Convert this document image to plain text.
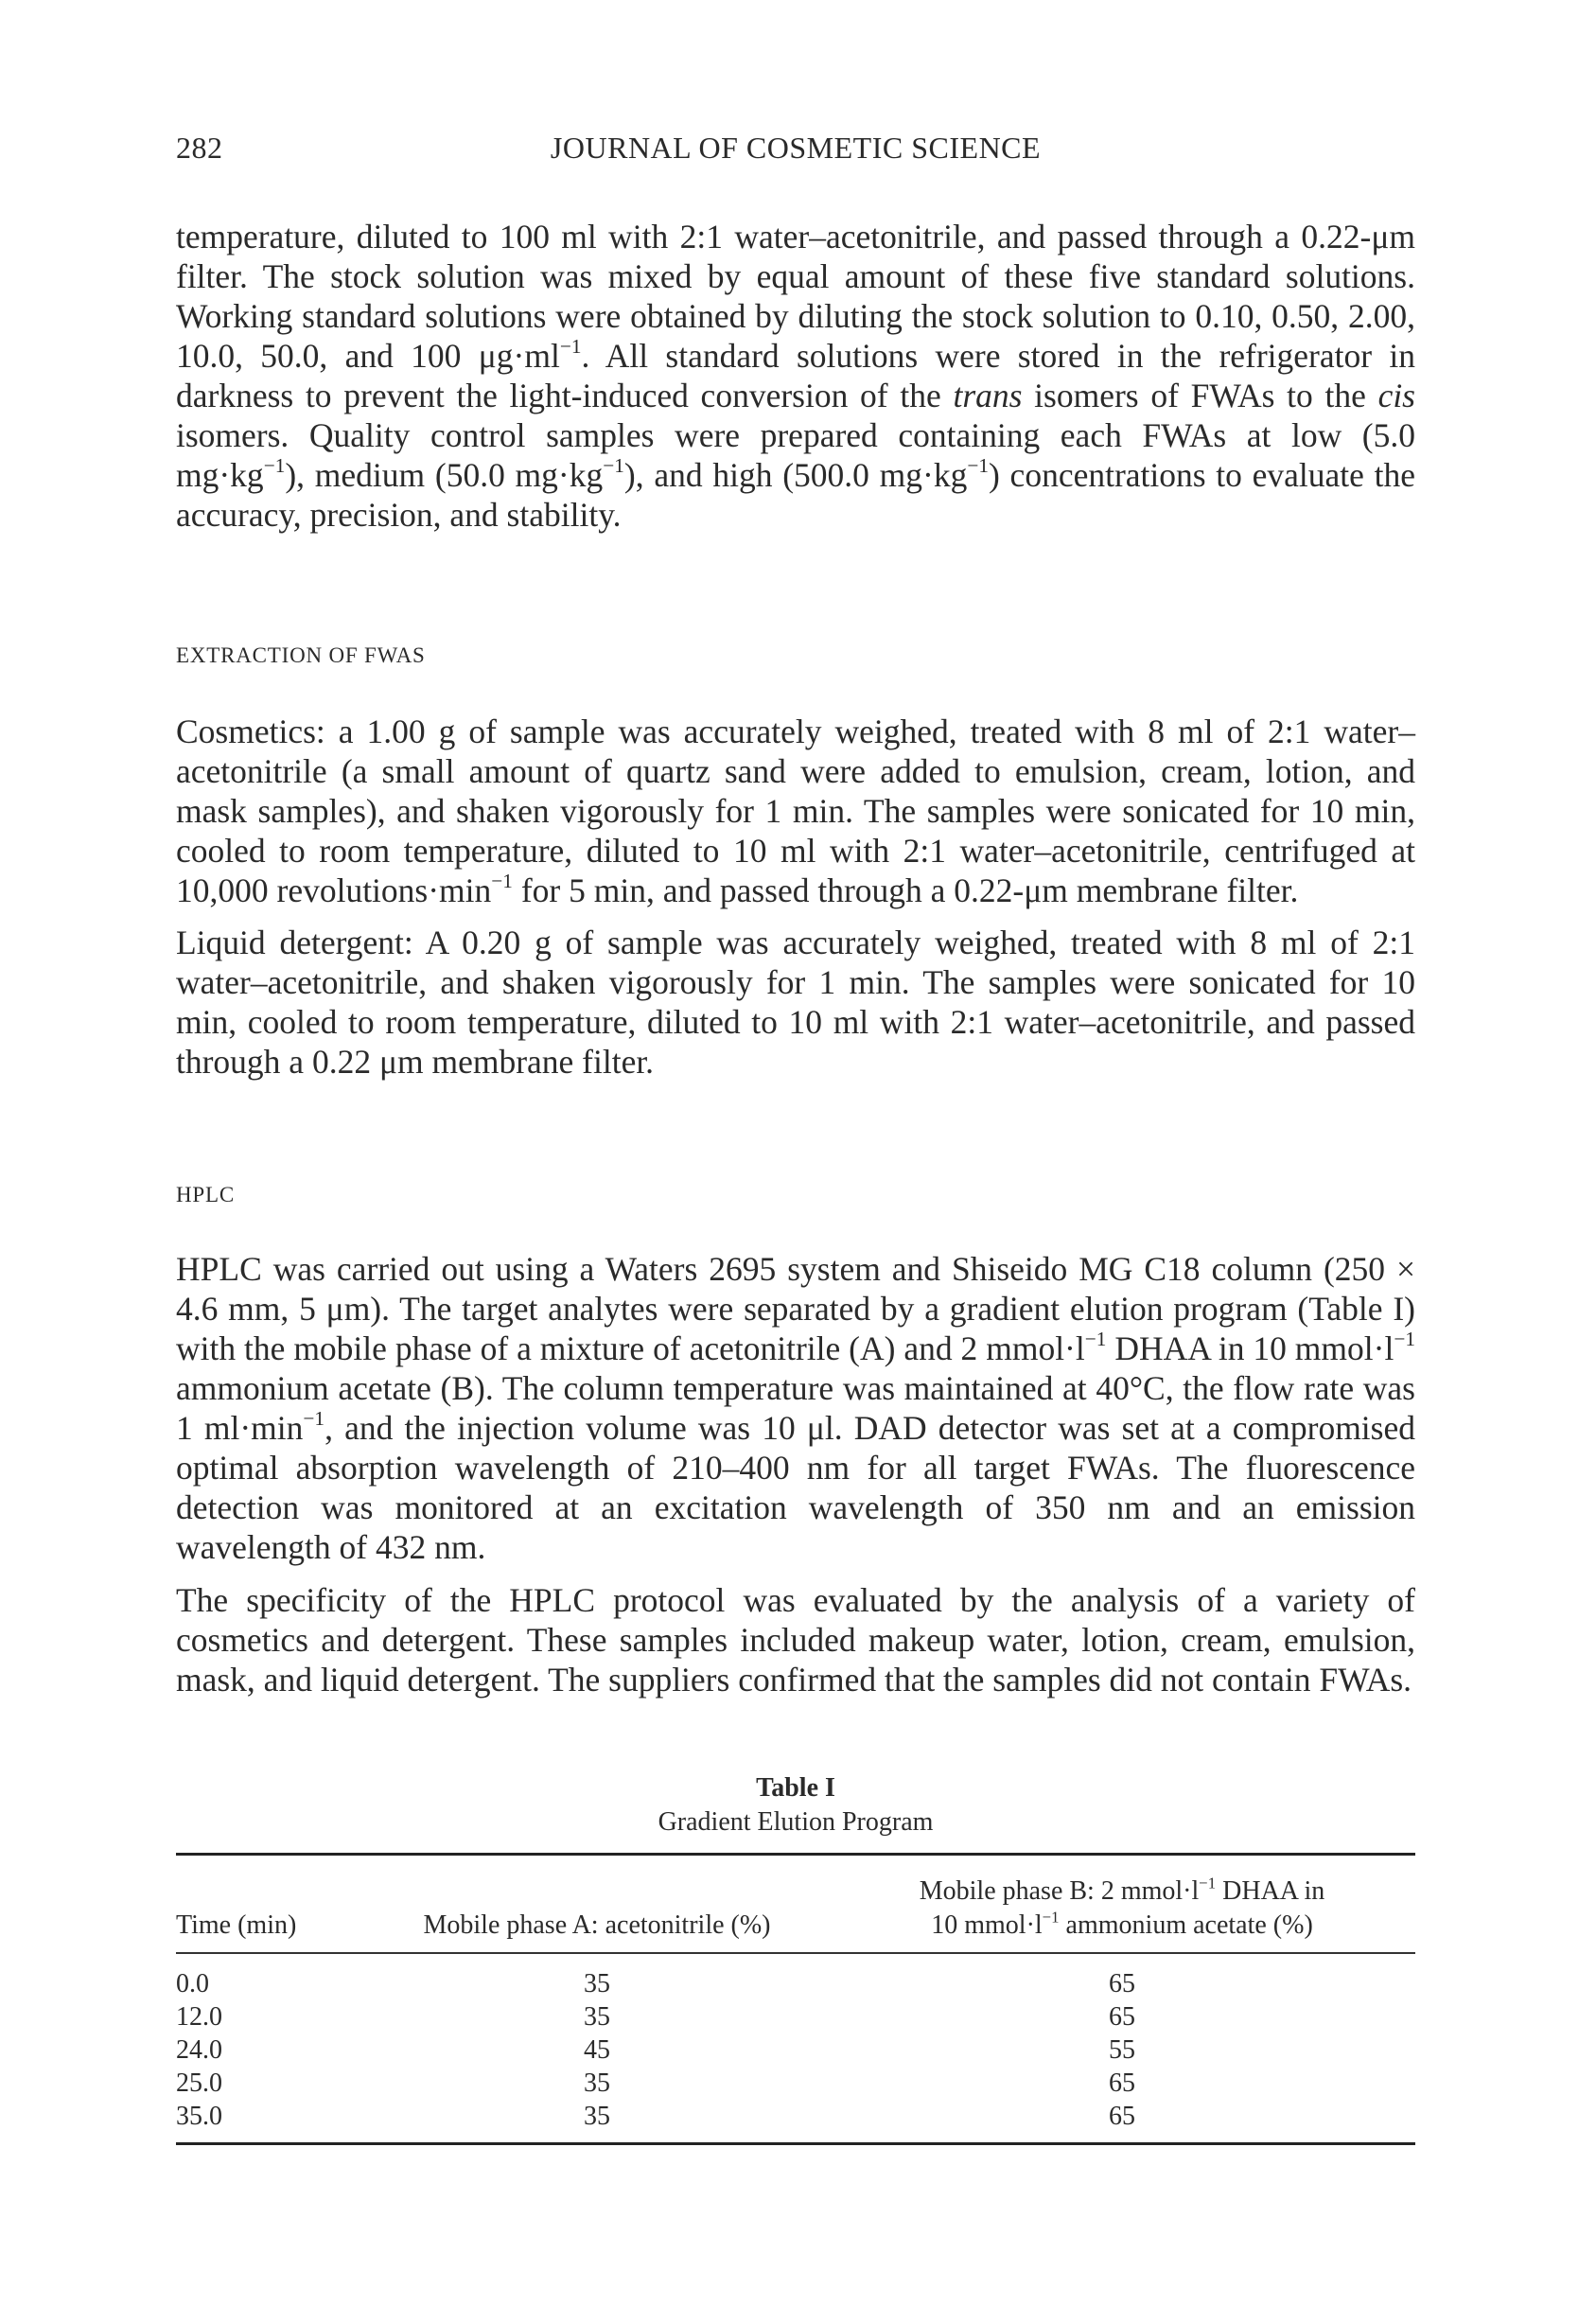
282	JOURNAL OF COSMETIC SCIENCE

temperature, diluted to 100 ml with 2:1 water–acetonitrile, and passed through a 0.22-μm filter. The stock solution was mixed by equal amount of these five standard solutions. Working standard solutions were obtained by diluting the stock solution to 0.10, 0.50, 2.00, 10.0, 50.0, and 100 $\mu g\cdot ml^{-1}$. All standard solutions were stored in the refrigerator in darkness to prevent the light-induced conversion of the trans isomers of FWAs to the cis isomers. Quality control samples were prepared containing each FWAs at low (5.0 $mg\cdot kg^{-1}$), medium (50.0 $mg\cdot kg^{-1}$), and high (500.0 $mg\cdot kg^{-1}$) concentrations to evaluate the accuracy, precision, and stability.

EXTRACTION OF FWAS

Cosmetics: a 1.00 g of sample was accurately weighed, treated with 8 ml of 2:1 water–acetonitrile (a small amount of quartz sand were added to emulsion, cream, lotion, and mask samples), and shaken vigorously for 1 min. The samples were sonicated for 10 min, cooled to room temperature, diluted to 10 ml with 2:1 water–acetonitrile, centrifuged at 10,000 $revolutions\cdot\min^{-1}$ for 5 min, and passed through a 0.22-μm membrane filter.

Liquid detergent: A 0.20 g of sample was accurately weighed, treated with 8 ml of 2:1 water–acetonitrile, and shaken vigorously for 1 min. The samples were sonicated for 10 min, cooled to room temperature, diluted to 10 ml with 2:1 water–acetonitrile, and passed through a 0.22 μm membrane filter.

HPLC

HPLC was carried out using a Waters 2695 system and Shiseido MG C18 column (250 × 4.6 mm, 5 μm). The target analytes were separated by a gradient elution program (Table I) with the mobile phase of a mixture of acetonitrile (A) and 2 $mmol\cdot l^{-1}$ DHAA in 10 $mmol\cdot l^{-1}$ ammonium acetate (B). The column temperature was maintained at 40°C, the flow rate was 1 $ml\cdot\min^{-1}$, and the injection volume was 10 μl. DAD detector was set at a compromised optimal absorption wavelength of 210–400 nm for all target FWAs. The fluorescence detection was monitored at an excitation wavelength of 350 nm and an emission wavelength of 432 nm.

The specificity of the HPLC protocol was evaluated by the analysis of a variety of cosmetics and detergent. These samples included makeup water, lotion, cream, emulsion, mask, and liquid detergent. The suppliers confirmed that the samples did not contain FWAs.

Table I
Gradient Elution Program
Time (min)	Mobile phase A: acetonitrile (%)	Mobile phase B: 2 $mmol\cdot l^{-1}$ DHAA in
10 $mmol\cdot l^{-1}$ ammonium acetate (%)
0.0	35	65
12.0	35	65
24.0	45	55
25.0	35	65
35.0	35	65
